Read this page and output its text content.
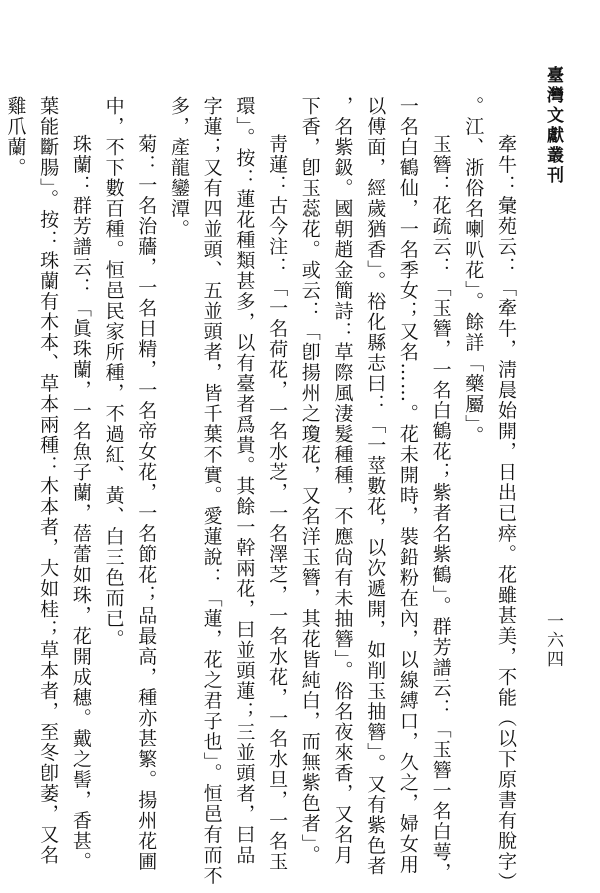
臺灣文獻叢刊
一六四

牽牛：彙苑云：「牽牛，淸晨始開，日出已瘁。花雖甚美，不能（以下原書有脫字）

。江、浙俗名喇叭花」。餘詳「藥屬」。

玉簪：花疏云：「玉簪，一名白鶴花；紫者名紫鶴」。群芳譜云：「玉簪一名白萼，

一名白鶴仙，一名季女；又名……。花未開時，裝鉛粉在內，以線縛口，久之，婦女用

以傅面，經歲猶香」。𥙿化縣志曰：「一莖數花，以次遞開，如削玉抽簪」。又有紫色者

，名紫鈒。國朝趙金簡詩：草際風淒髮種種，不應尙有未抽簪」。俗名夜來香，又名月

下香，卽玉蕊花。或云：「卽揚州之瓊花，又名洋玉簪，其花皆純白，而無紫色者」。

靑蓮：古今注：「一名荷花，一名水芝，一名澤芝，一名水花，一名水旦，一名玉

環」。按：蓮花種類甚多，以有臺者爲貴。其餘一幹兩花，曰並頭蓮；三並頭者，曰品

字蓮；又有四並頭、五並頭者，皆千葉不實。愛蓮說：「蓮，花之君子也」。恒邑有而不

多，產龍鑾潭。

菊：一名治蘠，一名日精，一名帝女花，一名節花；品最高，種亦甚繁。揚州花圃

中，不下數百種。恒邑民家所種，不過紅、黃、白三色而已。

珠蘭：群芳譜云：「眞珠蘭，一名魚子蘭，蓓蕾如珠，花開成穗。戴之髻，香甚。

葉能斷腸」。按：珠蘭有木本、草本兩種：木本者，大如桂；草本者，至冬卽萎，又名

雞爪蘭。
